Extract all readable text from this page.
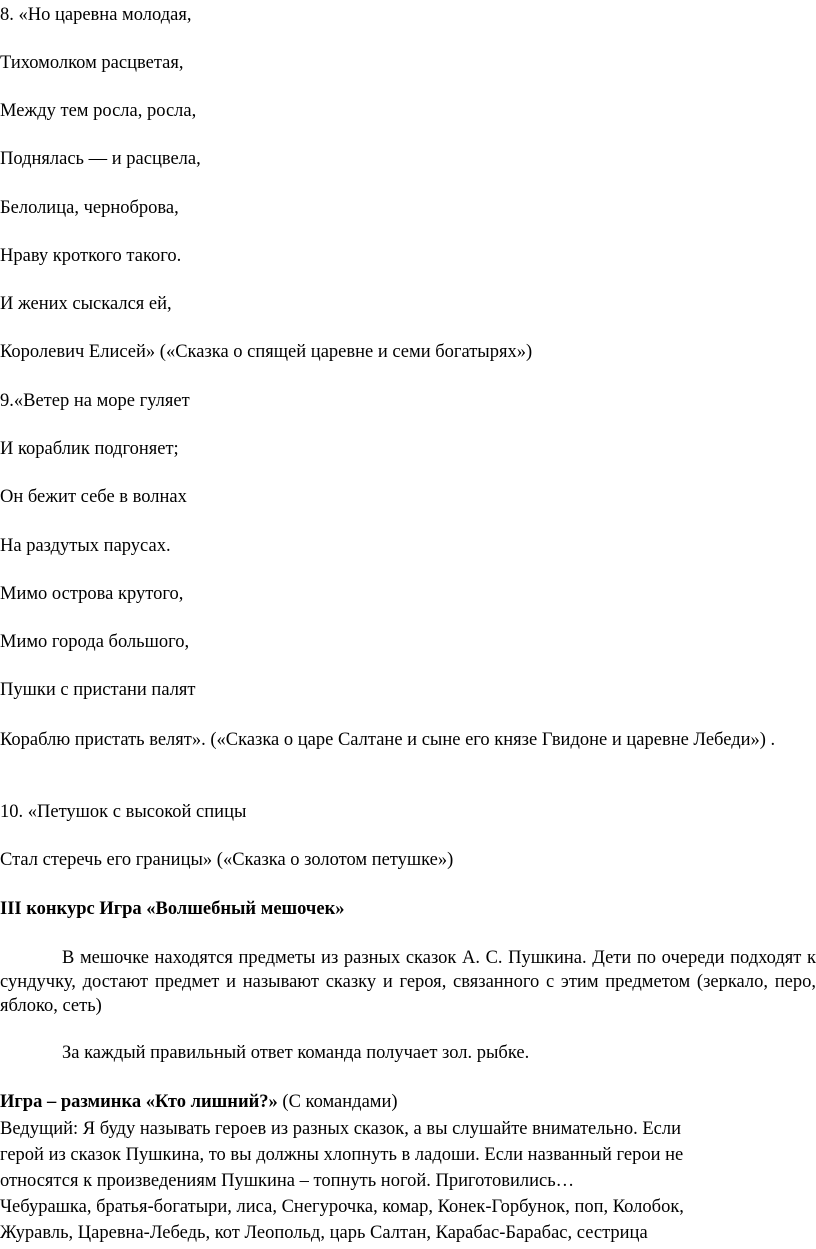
8. «Но царевна молодая,
Тихомолком расцветая,
Между тем росла, росла,
Поднялась — и расцвела,
Белолица, черноброва,
Нраву кроткого такого.
И жених сыскался ей,
Королевич Елисей» («Сказка о спящей царевне и семи богатырях»)
9.«Ветер на море гуляет
И кораблик подгоняет;
Он бежит себе в волнах
На раздутых парусах.
Мимо острова крутого,
Мимо города большого,
Пушки с пристани палят
Кораблю пристать велят». («Сказка о царе Салтане и сыне его князе Гвидоне и царевне Лебеди») .
10. «Петушок с высокой спицы
Стал стеречь его границы» («Сказка о золотом петушке»)
III конкурс Игра «Волшебный мешочек»
В мешочке находятся предметы из разных сказок А. С. Пушкина. Дети по очереди подходят к сундучку, достают предмет и называют сказку и героя, связанного с этим предметом (зеркало, перо, яблоко, сеть)
За каждый правильный ответ команда получает зол. рыбке.
Игра – разминка «Кто лишний?» (С командами)
Ведущий: Я буду называть героев из разных сказок, а вы слушайте внимательно. Если
герой из сказок Пушкина, то вы должны хлопнуть в ладоши. Если названный герои не
относятся к произведениям Пушкина – топнуть ногой. Приготовились…
Чебурашка, братья-богатыри, лиса, Снегурочка, комар, Конек-Горбунок, поп, Колобок,
Журавль, Царевна-Лебедь, кот Леопольд, царь Салтан, Карабас-Барабас, сестрица
